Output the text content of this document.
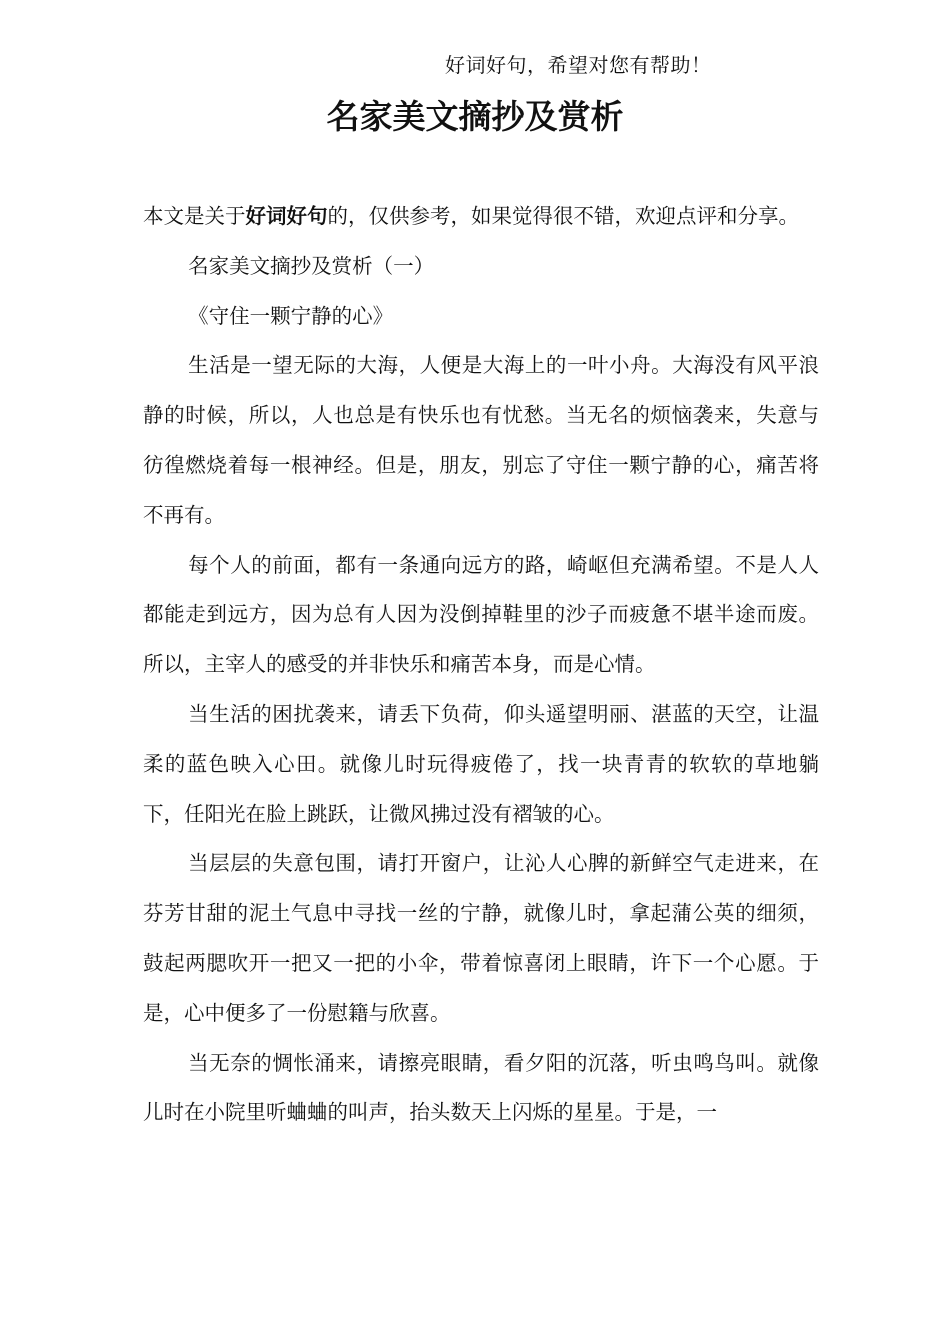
好词好句，希望对您有帮助！
名家美文摘抄及赏析

本文是关于好词好句的，仅供参考，如果觉得很不错，欢迎点评和分享。

名家美文摘抄及赏析（一）

《守住一颗宁静的心》

生活是一望无际的大海，人便是大海上的一叶小舟。大海没有风平浪静的时候，所以，人也总是有快乐也有忧愁。当无名的烦恼袭来，失意与彷徨燃烧着每一根神经。但是，朋友，别忘了守住一颗宁静的心，痛苦将不再有。

每个人的前面，都有一条通向远方的路，崎岖但充满希望。不是人人都能走到远方，因为总有人因为没倒掉鞋里的沙子而疲惫不堪半途而废。所以，主宰人的感受的并非快乐和痛苦本身，而是心情。

当生活的困扰袭来，请丢下负荷，仰头遥望明丽、湛蓝的天空，让温柔的蓝色映入心田。就像儿时玩得疲倦了，找一块青青的软软的草地躺下，任阳光在脸上跳跃，让微风拂过没有褶皱的心。

当层层的失意包围，请打开窗户，让沁人心脾的新鲜空气走进来，在芬芳甘甜的泥土气息中寻找一丝的宁静，就像儿时，拿起蒲公英的细须，鼓起两腮吹开一把又一把的小伞，带着惊喜闭上眼睛，许下一个心愿。于是，心中便多了一份慰籍与欣喜。

当无奈的惆怅涌来，请擦亮眼睛，看夕阳的沉落，听虫鸣鸟叫。就像儿时在小院里听蛐蛐的叫声，抬头数天上闪烁的星星。于是，一
